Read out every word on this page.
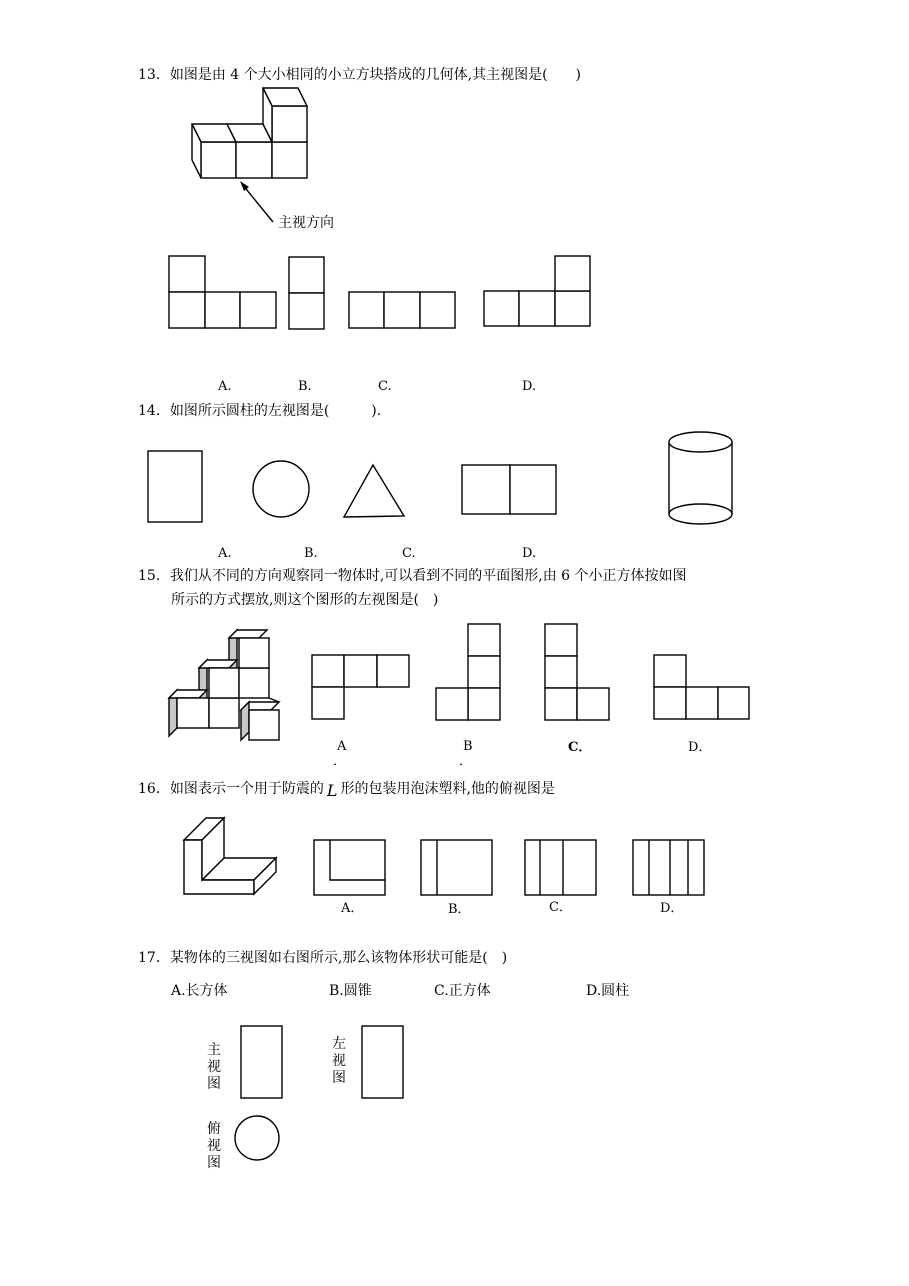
13．如图是由 4 个大小相同的小立方块搭成的几何体,其主视图是(　　)
主视方向
A.	B.	C.	D.
14．如图所示圆柱的左视图是(　　　).
A.	B.	C.	D.
15．我们从不同的方向观察同一物体时,可以看到不同的平面图形,由 6 个小正方体按如图
所示的方式摆放,则这个图形的左视图是(　)
A
．
B
．
C．	D．
16．如图表示一个用于防震的 L 形的包装用泡沫塑料,他的俯视图是
A．	B．	C．	D．
17．某物体的三视图如右图所示,那么该物体形状可能是(　)
A.长方体	B.圆锥	C.正方体	D.圆柱
主
视
图
左
视
图
俯
视
图
